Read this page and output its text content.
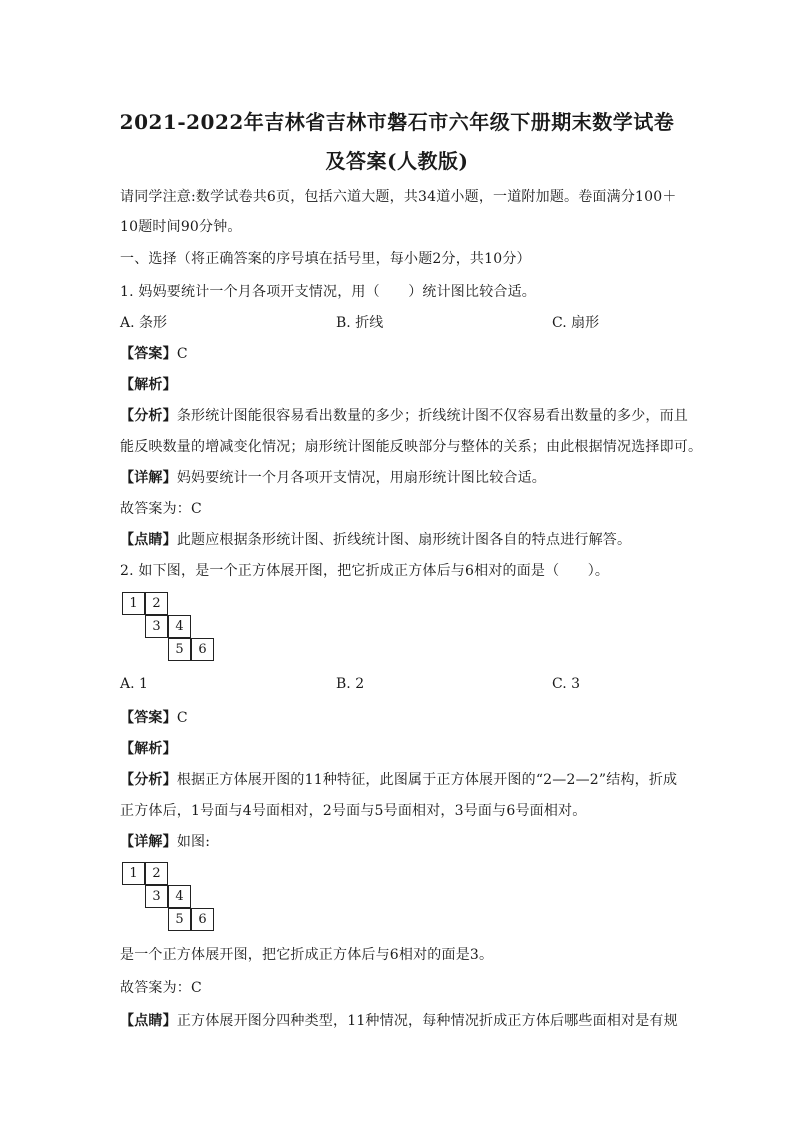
2021-2022年吉林省吉林市磐石市六年级下册期末数学试卷
及答案(人教版)
请同学注意:数学试卷共6页，包括六道大题，共34道小题，一道附加题。卷面满分100＋
10题时间90分钟。
一、选择（将正确答案的序号填在括号里，每小题2分，共10分）
1. 妈妈要统计一个月各项开支情况，用（　　）统计图比较合适。
A. 条形	B. 折线	C. 扇形
【答案】C
【解析】
【分析】条形统计图能很容易看出数量的多少；折线统计图不仅容易看出数量的多少，而且
能反映数量的增减变化情况；扇形统计图能反映部分与整体的关系；由此根据情况选择即可。
【详解】妈妈要统计一个月各项开支情况，用扇形统计图比较合适。
故答案为：C
【点睛】此题应根据条形统计图、折线统计图、扇形统计图各自的特点进行解答。
2. 如下图，是一个正方体展开图，把它折成正方体后与6相对的面是（　　）。
1	2
3	4
5	6
A. 1	B. 2	C. 3
【答案】C
【解析】
【分析】根据正方体展开图的11种特征，此图属于正方体展开图的“2—2—2”结构，折成
正方体后，1号面与4号面相对，2号面与5号面相对，3号面与6号面相对。
【详解】如图:
1	2
3	4
5	6
是一个正方体展开图，把它折成正方体后与6相对的面是3。
故答案为：C
【点睛】正方体展开图分四种类型，11种情况，每种情况折成正方体后哪些面相对是有规
